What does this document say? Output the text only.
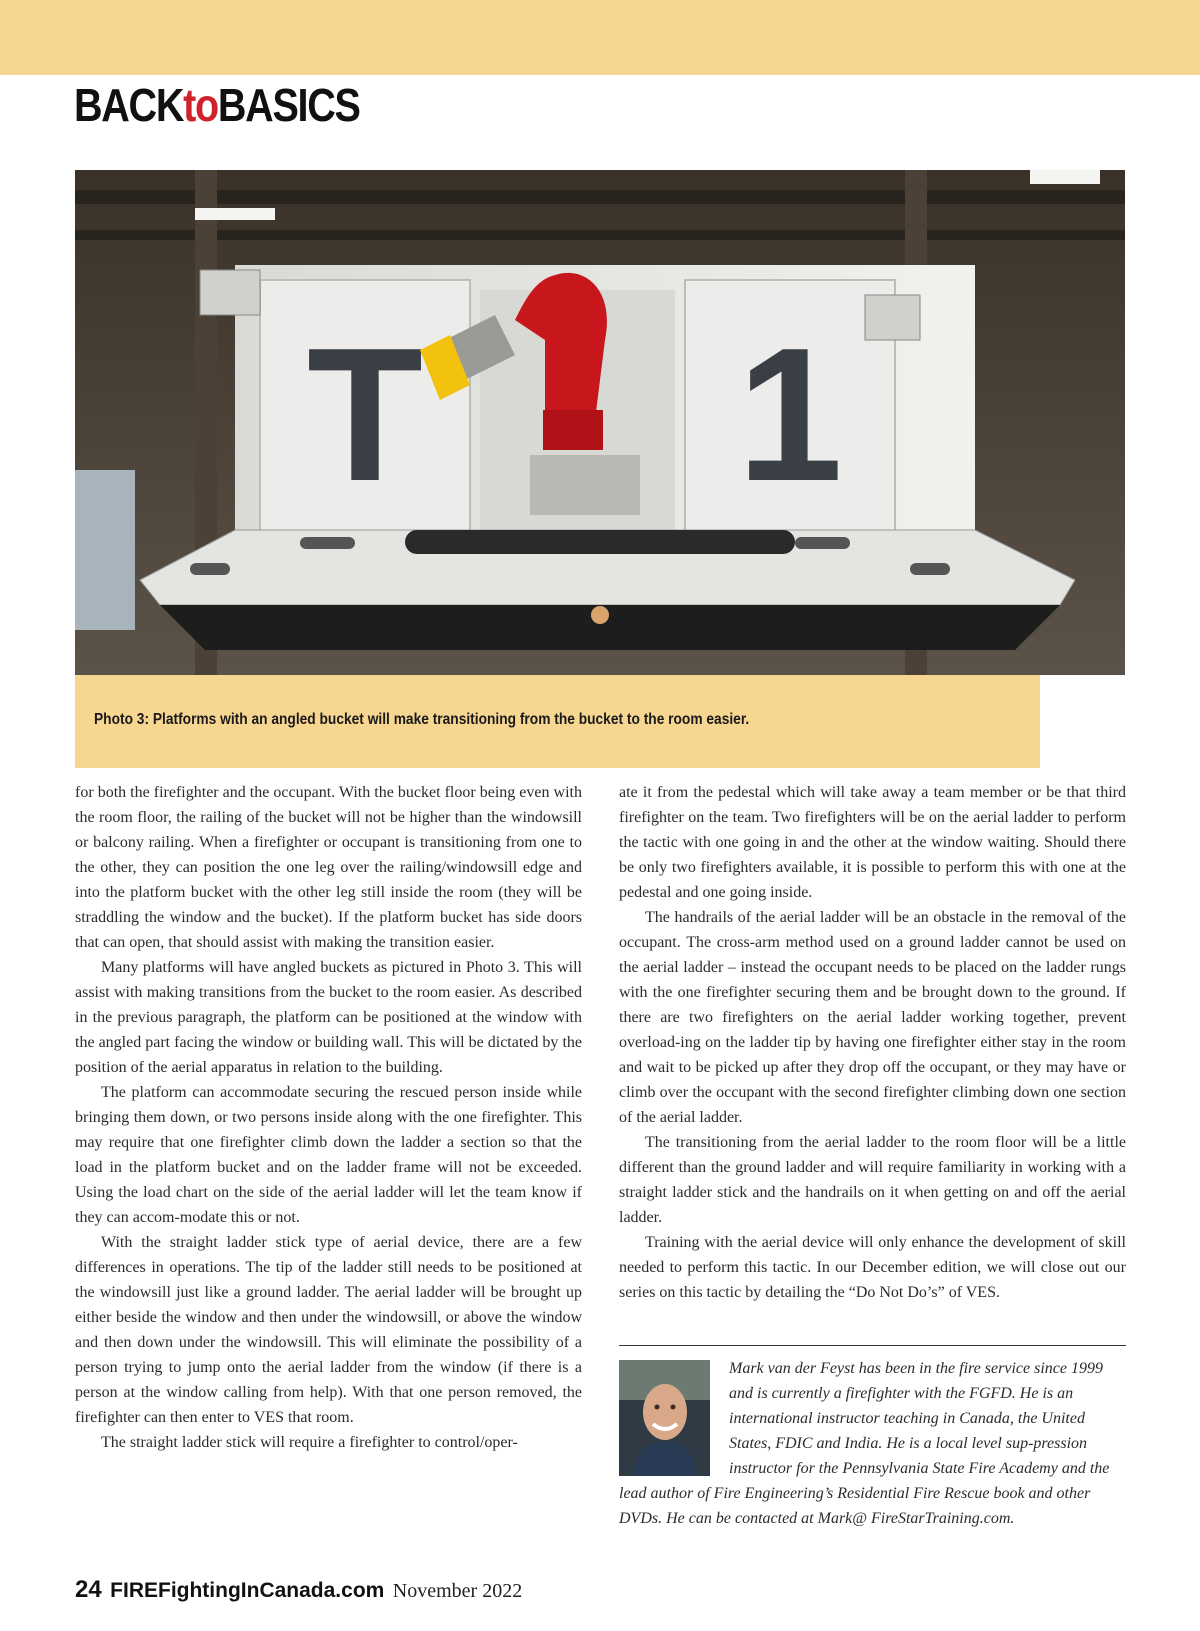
BACKtoBASICS
T 1
Photo 3: Platforms with an angled bucket will make transitioning from the bucket to the room easier.

for both the firefighter and the occupant. With the bucket floor being even with the room floor, the railing of the bucket will not be higher than the windowsill or balcony railing. When a firefighter or occupant is transitioning from one to the other, they can position the one leg over the railing/windowsill edge and into the platform bucket with the other leg still inside the room (they will be straddling the window and the bucket). If the platform bucket has side doors that can open, that should assist with making the transition easier.

Many platforms will have angled buckets as pictured in Photo 3. This will assist with making transitions from the bucket to the room easier. As described in the previous paragraph, the platform can be positioned at the window with the angled part facing the window or building wall. This will be dictated by the position of the aerial apparatus in relation to the building.

The platform can accommodate securing the rescued person inside while bringing them down, or two persons inside along with the one firefighter. This may require that one firefighter climb down the ladder a section so that the load in the platform bucket and on the ladder frame will not be exceeded. Using the load chart on the side of the aerial ladder will let the team know if they can accom-modate this or not.

With the straight ladder stick type of aerial device, there are a few differences in operations. The tip of the ladder still needs to be positioned at the windowsill just like a ground ladder. The aerial ladder will be brought up either beside the window and then under the windowsill, or above the window and then down under the windowsill. This will eliminate the possibility of a person trying to jump onto the aerial ladder from the window (if there is a person at the window calling from help). With that one person removed, the firefighter can then enter to VES that room.

The straight ladder stick will require a firefighter to control/oper-

ate it from the pedestal which will take away a team member or be that third firefighter on the team. Two firefighters will be on the aerial ladder to perform the tactic with one going in and the other at the window waiting. Should there be only two firefighters available, it is possible to perform this with one at the pedestal and one going inside.

The handrails of the aerial ladder will be an obstacle in the removal of the occupant. The cross-arm method used on a ground ladder cannot be used on the aerial ladder – instead the occupant needs to be placed on the ladder rungs with the one firefighter securing them and be brought down to the ground. If there are two firefighters on the aerial ladder working together, prevent overload-ing on the ladder tip by having one firefighter either stay in the room and wait to be picked up after they drop off the occupant, or they may have or climb over the occupant with the second firefighter climbing down one section of the aerial ladder.

The transitioning from the aerial ladder to the room floor will be a little different than the ground ladder and will require familiarity in working with a straight ladder stick and the handrails on it when getting on and off the aerial ladder.

Training with the aerial device will only enhance the development of skill needed to perform this tactic. In our December edition, we will close out our series on this tactic by detailing the “Do Not Do’s” of VES.

Mark van der Feyst has been in the fire service since 1999 and is currently a firefighter with the FGFD. He is an international instructor teaching in Canada, the United States, FDIC and India. He is a local level sup-pression instructor for the Pennsylvania State Fire Academy and the lead author of Fire Engineering’s Residential Fire Rescue book and other DVDs. He can be contacted at Mark@ FireStarTraining.com.
24 FIREFightingInCanada.com November 2022
